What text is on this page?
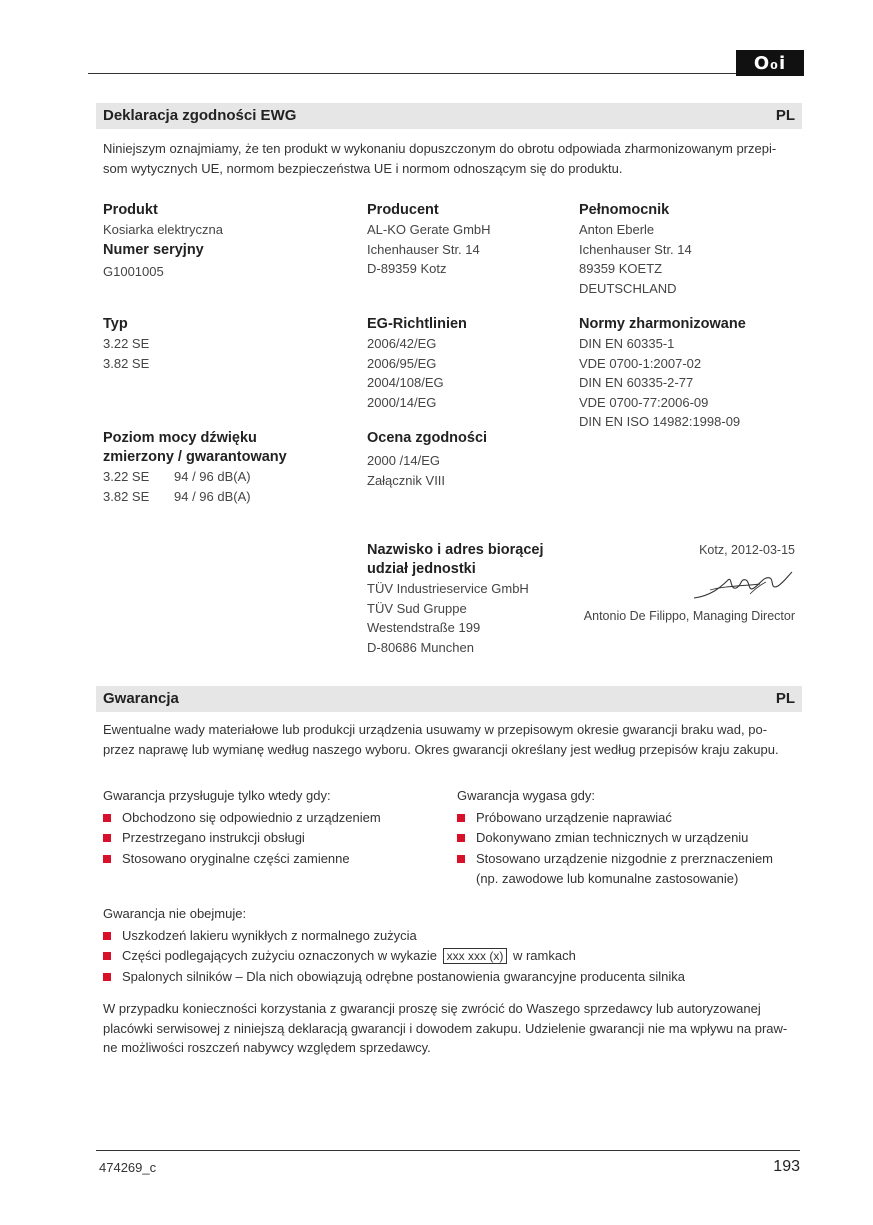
O₀i
Deklaracja zgodności EWG	PL
Niniejszym oznajmiamy, że ten produkt w wykonaniu dopuszczonym do obrotu odpowiada zharmonizowanym przepi-
som wytycznych UE, normom bezpieczeństwa UE i normom odnoszącym się do produktu.
Produkt
Kosiarka elektryczna
Numer seryjny
G1001005
Typ
3.22 SE
3.82 SE
Poziom mocy dźwięku
zmierzony / gwarantowany
3.22 SE 94 / 96 dB(A)
3.82 SE 94 / 96 dB(A)
Producent
AL-KO Gerate GmbH
Ichenhauser Str. 14
D-89359 Kotz
EG-Richtlinien
2006/42/EG
2006/95/EG
2004/108/EG
2000/14/EG
Ocena zgodności
2000 /14/EG
Załącznik VIII
Nazwisko i adres biorącej
udział jednostki
TÜV Industrieservice GmbH
TÜV Sud Gruppe
Westendstraße 199
D-80686 Munchen
Pełnomocnik
Anton Eberle
Ichenhauser Str. 14
89359 KOETZ
DEUTSCHLAND
Normy zharmonizowane
DIN EN 60335-1
VDE 0700-1:2007-02
DIN EN 60335-2-77
VDE 0700-77:2006-09
DIN EN ISO 14982:1998-09
Kotz, 2012-03-15
Antonio De Filippo, Managing Director
Gwarancja	PL
Ewentualne wady materiałowe lub produkcji urządzenia usuwamy w przepisowym okresie gwarancji braku wad, po-
przez naprawę lub wymianę według naszego wyboru. Okres gwarancji określany jest według przepisów kraju zakupu.
Gwarancja przysługuje tylko wtedy gdy:
Obchodzono się odpowiednio z urządzeniem
Przestrzegano instrukcji obsługi
Stosowano oryginalne części zamienne
Gwarancja wygasa gdy:
Próbowano urządzenie naprawiać
Dokonywano zmian technicznych w urządzeniu
Stosowano urządzenie nizgodnie z prerznaczeniem
(np. zawodowe lub komunalne zastosowanie)
Gwarancja nie obejmuje:
Uszkodzeń lakieru wynikłych z normalnego zużycia
Części podlegających zużyciu oznaczonych w wykazie xxx xxx (x) w ramkach
Spalonych silników – Dla nich obowiązują odrębne postanowienia gwarancyjne producenta silnika
W przypadku konieczności korzystania z gwarancji proszę się zwrócić do Waszego sprzedawcy lub autoryzowanej
placówki serwisowej z niniejszą deklaracją gwarancji i dowodem zakupu. Udzielenie gwarancji nie ma wpływu na praw-
ne możliwości roszczeń nabywcy względem sprzedawcy.
474269_c	193
